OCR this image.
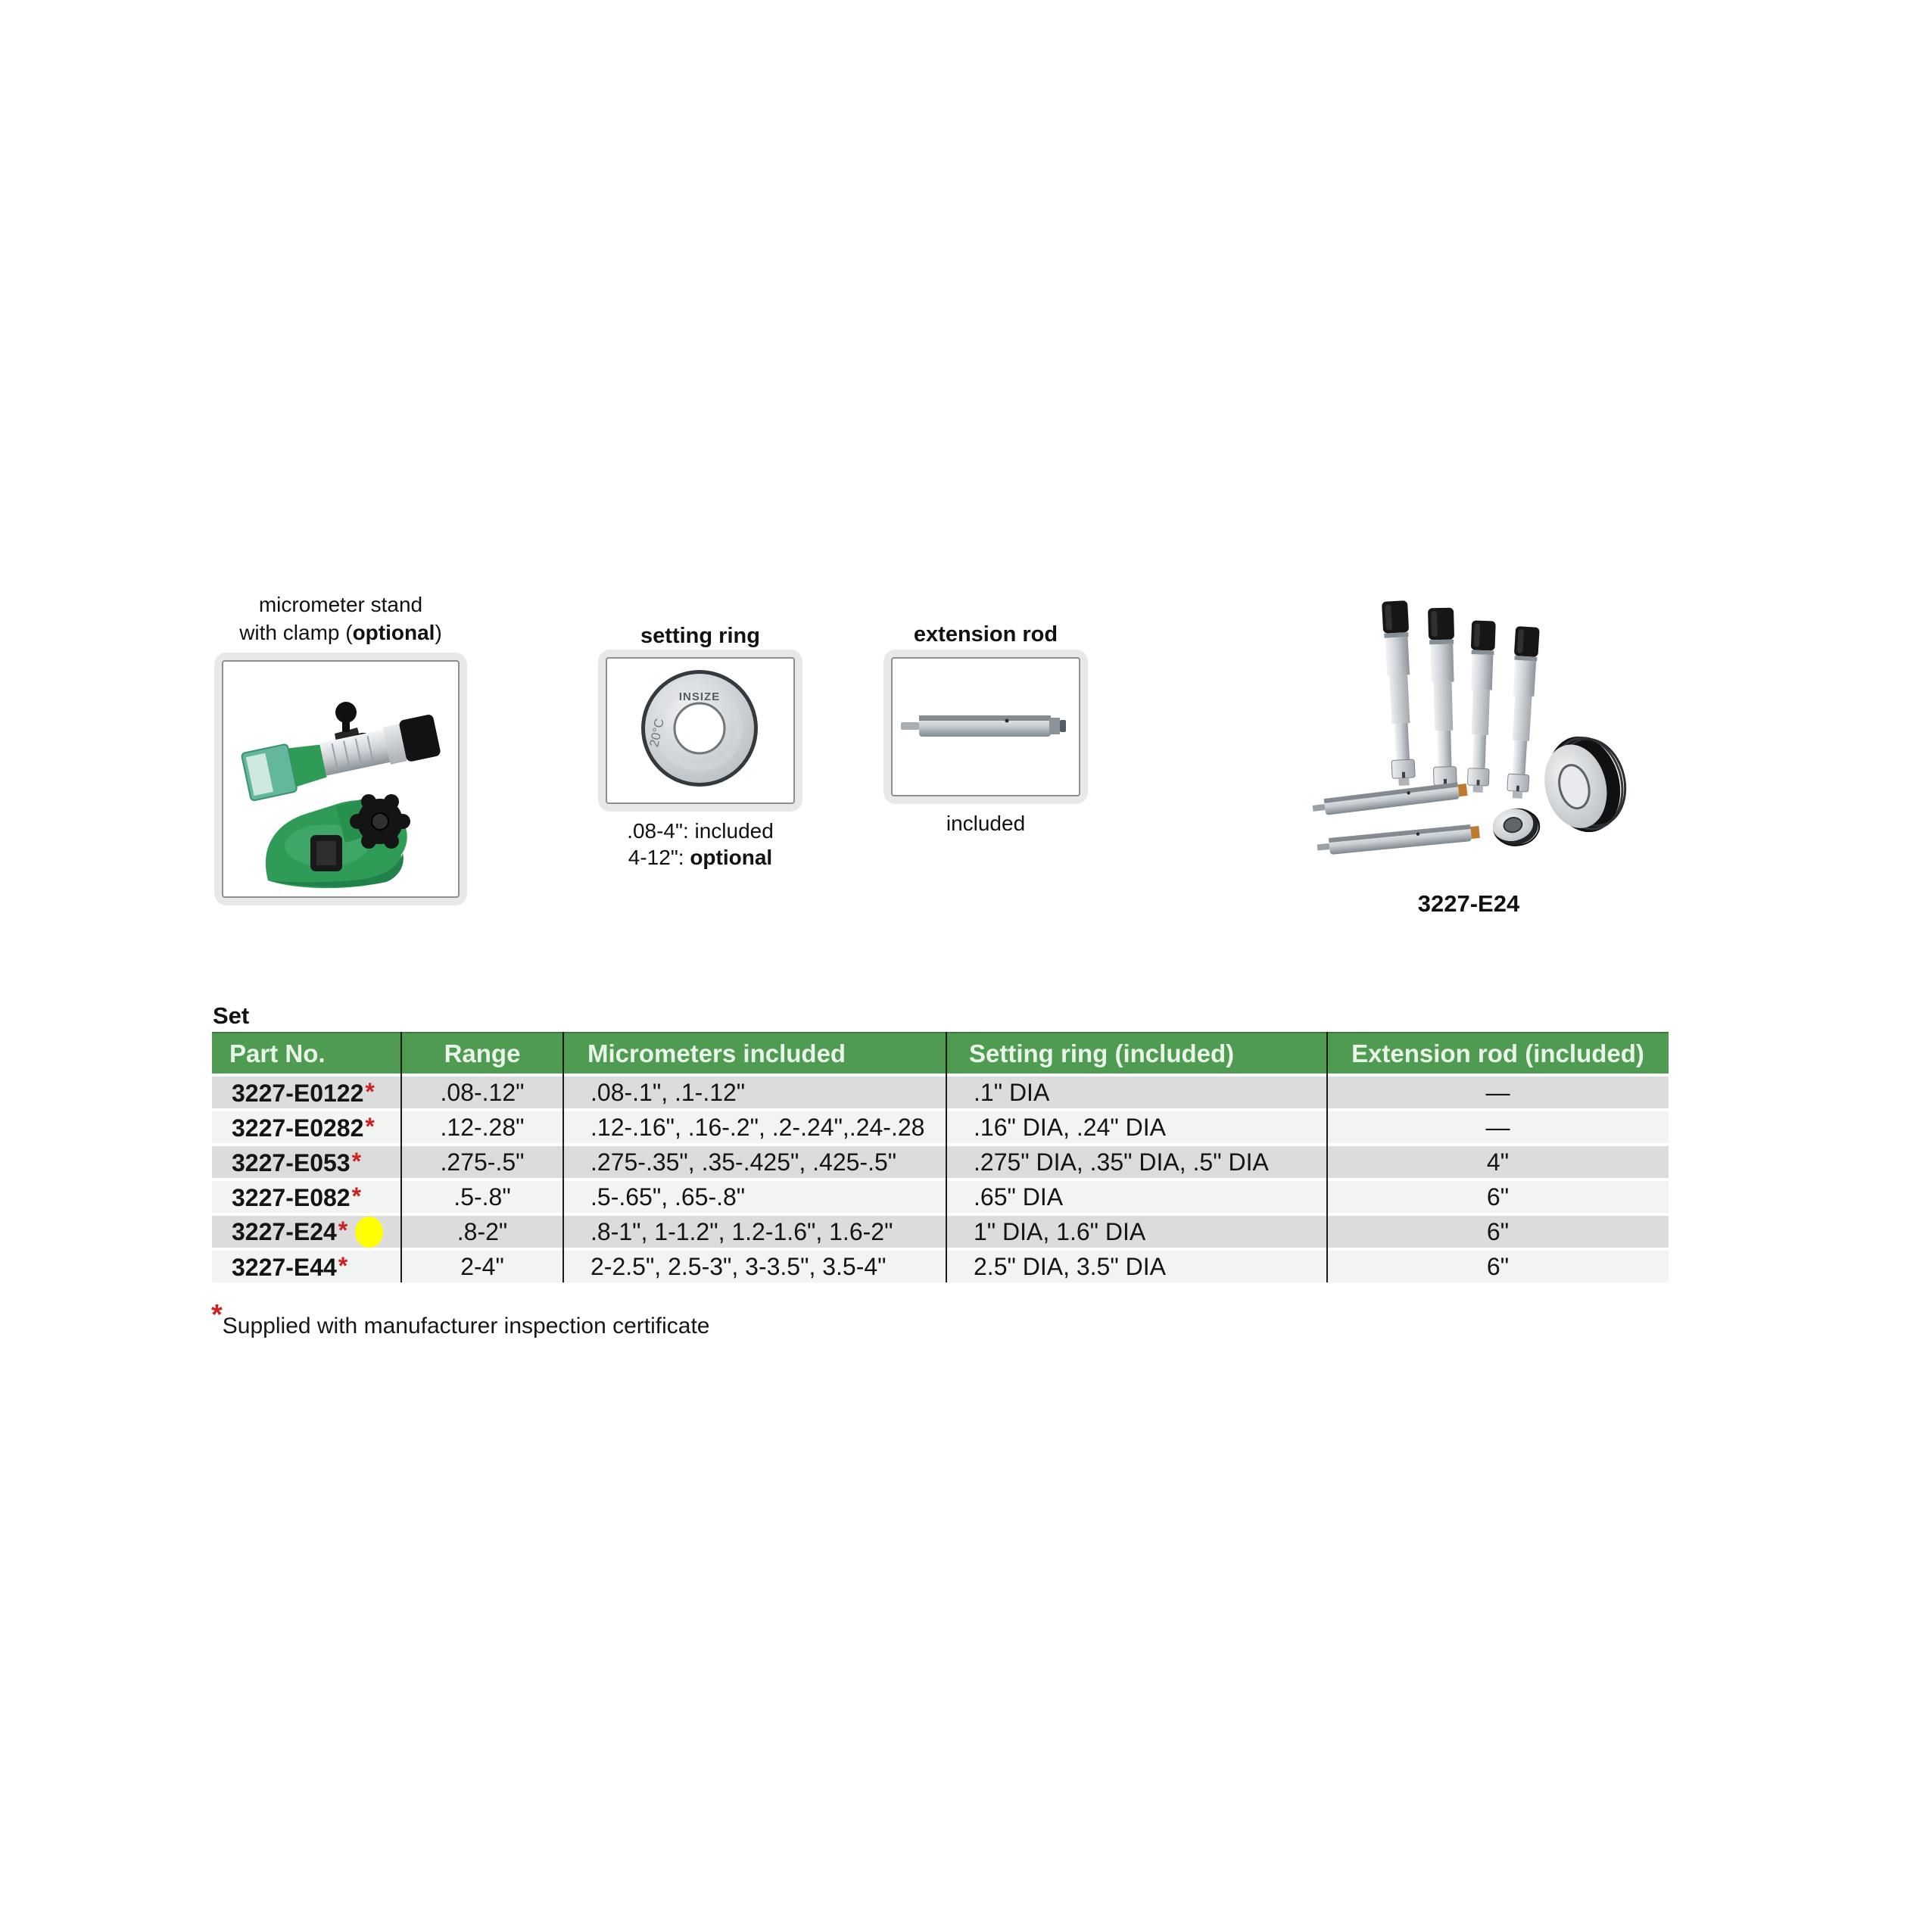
micrometer stand
with clamp (optional)	setting ring
INSIZE
20°C
.08-4": included
4-12": optional
extension rod
included
3227-E24
Set
Part No.	Range	Micrometers included	Setting ring (included)	Extension rod (included)
3227-E0122*	.08-.12"	.08-.1", .1-.12"	.1" DIA	—
3227-E0282*	.12-.28"	.12-.16", .16-.2", .2-.24",.24-.28	.16" DIA, .24" DIA	—
3227-E053*	.275-.5"	.275-.35", .35-.425", .425-.5"	.275" DIA, .35" DIA, .5" DIA	4"
3227-E082*	.5-.8"	.5-.65", .65-.8"	.65" DIA	6"
3227-E24*	.8-2"	.8-1", 1-1.2", 1.2-1.6", 1.6-2"	1" DIA, 1.6" DIA	6"
3227-E44*	2-4"	2-2.5", 2.5-3", 3-3.5", 3.5-4"	2.5" DIA, 3.5" DIA	6"
*Supplied with manufacturer inspection certificate
